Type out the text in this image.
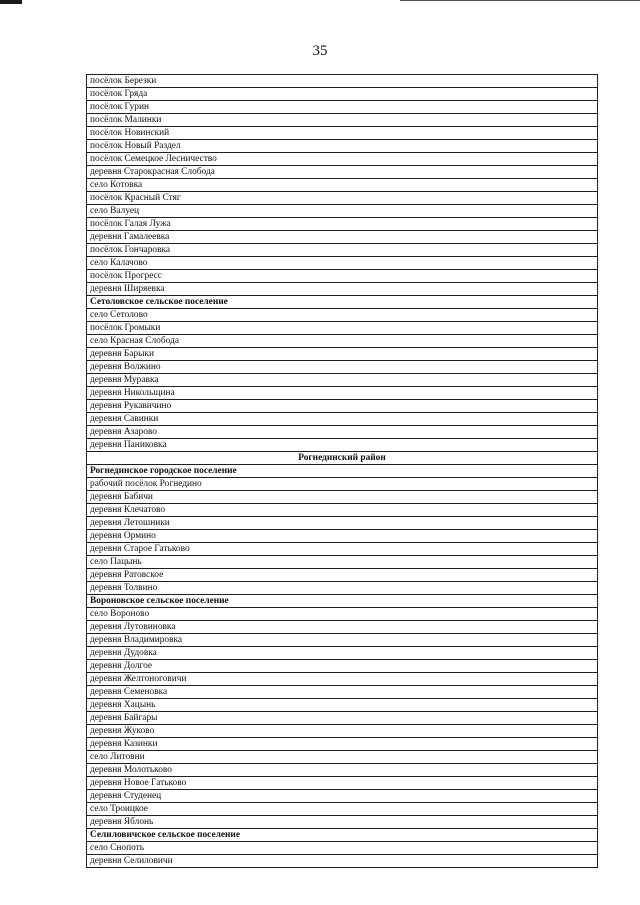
35
посёлок Березки
посёлок Гряда
посёлок Гурин
посёлок Малинки
посёлок Новинский
посёлок Новый Раздел
посёлок Семецкое Лесничество
деревня Старокрасная Слобода
село Котовка
посёлок Красный Стяг
село Валуец
посёлок Галая Лужа
деревня Гамалеевка
посёлок Гончаровка
село Калачово
посёлок Прогресс
деревня Ширяевка
Сетоловское сельское поселение
село Сетолово
посёлок Громыки
село Красная Слобода
деревня Барыки
деревня Волжино
деревня Муравка
деревня Никольщина
деревня Рукавичино
деревня Савинки
деревня Азарово
деревня Паниковка
Рогнединский район
Рогнединское городское поселение
рабочий посёлок Рогнедино
деревня Бабичи
деревня Клечатово
деревня Летошники
деревня Ормино
деревня Старое Гатьково
село Пацынь
деревня Ратовское
деревня Толвино
Вороновское сельское поселение
село Вороново
деревня Лутовиновка
деревня Владимировка
деревня Дудовка
деревня Долгое
деревня Желтоноговичи
деревня Семеновка
деревня Хацынь
деревня Байгары
деревня Жуково
деревня Казинки
село Литовни
деревня Молотьково
деревня Новое Гатьково
деревня Студенец
село Троицкое
деревня Яблонь
Селиловичское сельское поселение
село Снопоть
деревня Селиловичи
